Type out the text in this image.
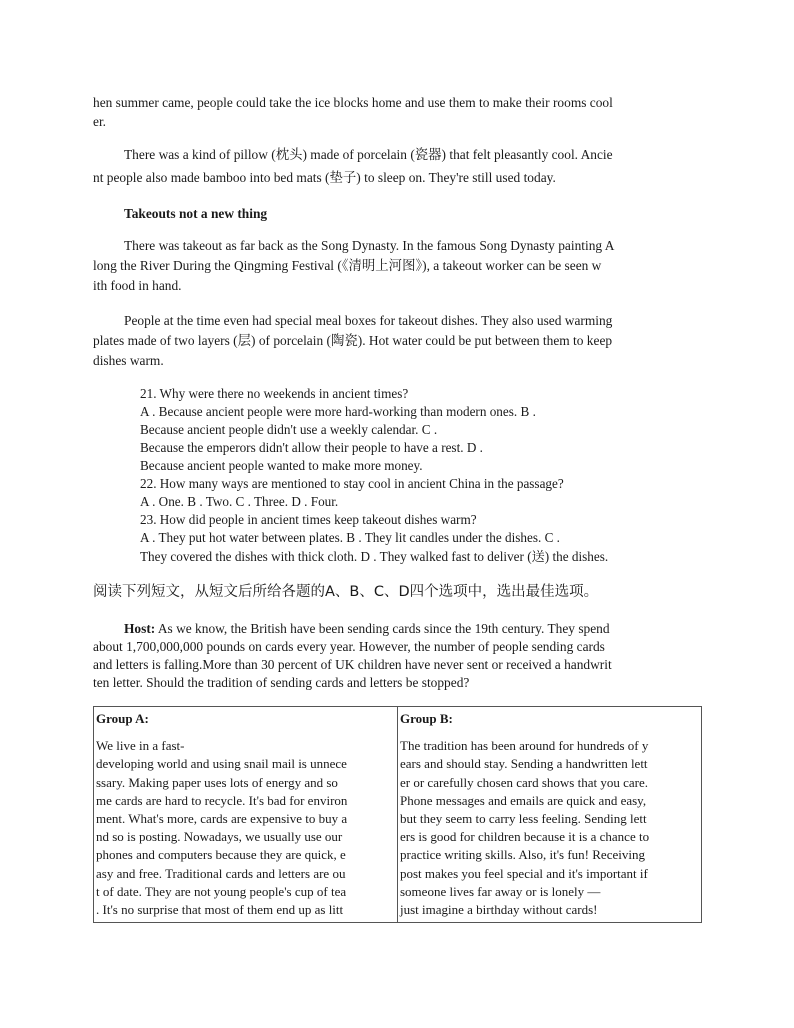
hen summer came, people could take the ice blocks home and use them to make their rooms cool
er.
There was a kind of pillow (枕头) made of porcelain (瓷器) that felt pleasantly cool. Ancie
nt people also made bamboo into bed mats (垫子) to sleep on. They're still used today.
Takeouts not a new thing
There was takeout as far back as the Song Dynasty. In the famous Song Dynasty painting A
long the River During the Qingming Festival (《清明上河图》), a takeout worker can be seen w
ith food in hand.
People at the time even had special meal boxes for takeout dishes. They also used warming
plates made of two layers (层) of porcelain (陶瓷). Hot water could be put between them to keep
dishes warm.
21. Why were there no weekends in ancient times?
A . Because ancient people were more hard-working than modern ones. B .
Because ancient people didn't use a weekly calendar. C .
Because the emperors didn't allow their people to have a rest. D .
Because ancient people wanted to make more money.
22. How many ways are mentioned to stay cool in ancient China in the passage?
A . One. B . Two. C . Three. D . Four.
23. How did people in ancient times keep takeout dishes warm?
A . They put hot water between plates. B . They lit candles under the dishes. C .
They covered the dishes with thick cloth. D . They walked fast to deliver (送) the dishes.
阅读下列短文，从短文后所给各题的A、B、C、D四个选项中，选出最佳选项。
Host: As we know, the British have been sending cards since the 19th century. They spend
about 1,700,000,000 pounds on cards every year. However, the number of people sending cards
and letters is falling.More than 30 percent of UK children have never sent or received a handwrit
ten letter. Should the tradition of sending cards and letters be stopped?
Group A:
We live in a fast-
developing world and using snail mail is unnece
ssary. Making paper uses lots of energy and so
me cards are hard to recycle. It's bad for environ
ment. What's more, cards are expensive to buy a
nd so is posting. Nowadays, we usually use our
phones and computers because they are quick, e
asy and free. Traditional cards and letters are ou
t of date. They are not young people's cup of tea
. It's no surprise that most of them end up as litt

Group B:
The tradition has been around for hundreds of y
ears and should stay. Sending a handwritten lett
er or carefully chosen card shows that you care.
Phone messages and emails are quick and easy,
but they seem to carry less feeling. Sending lett
ers is good for children because it is a chance to
practice writing skills. Also, it's fun! Receiving
post makes you feel special and it's important if
someone lives far away or is lonely —
just imagine a birthday without cards!
